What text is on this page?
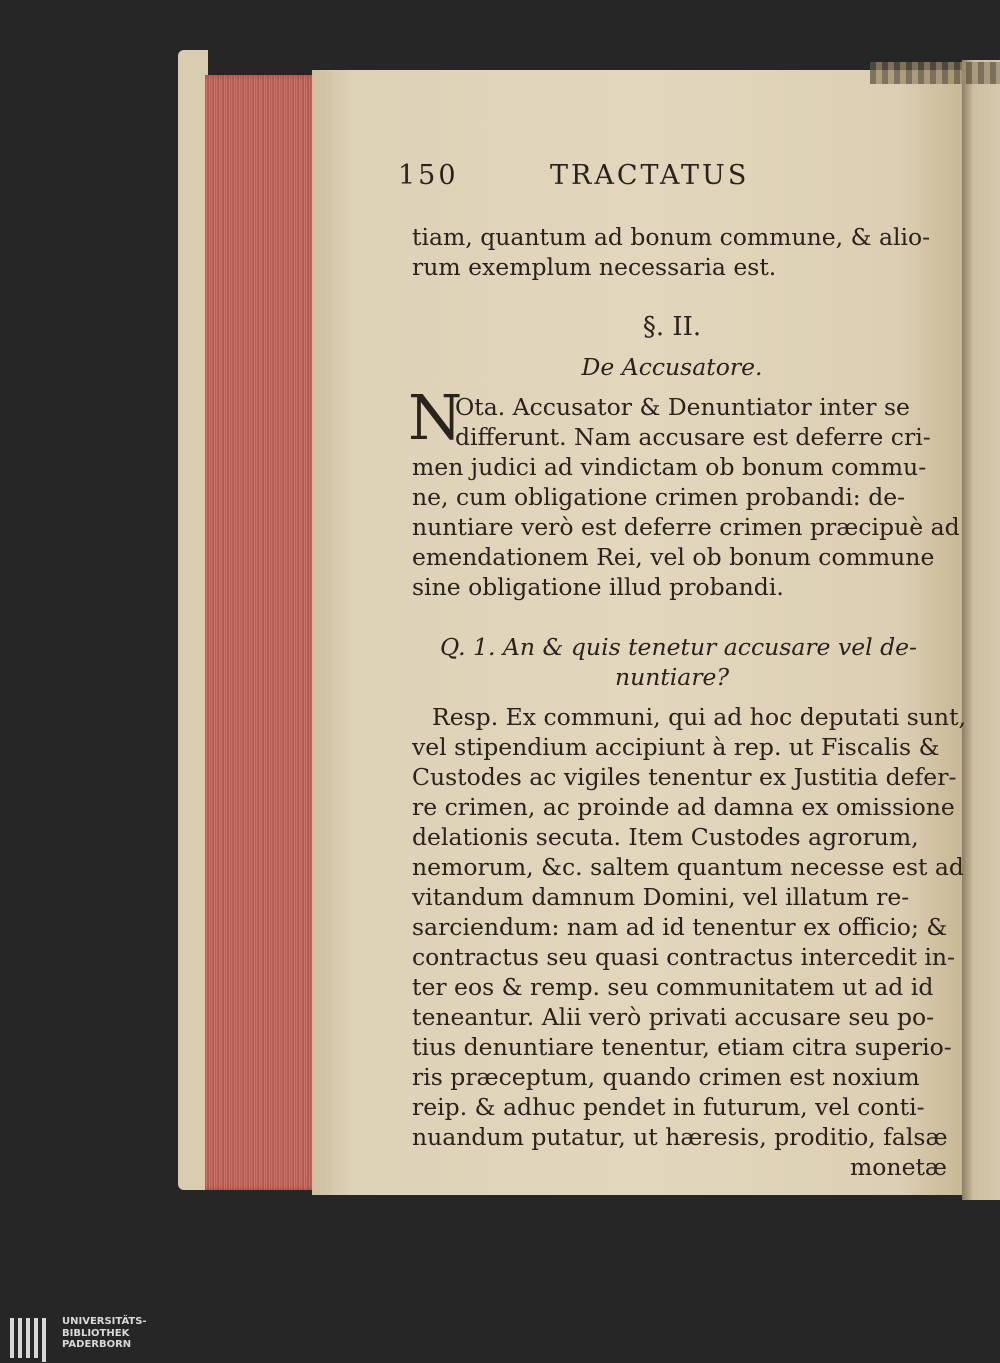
150	TRACTATUS
tiam, quantum ad bonum commune, & alio-
rum exemplum necessaria est.
§. II.
De Accusatore.
N
Ota. Accusator & Denuntiator inter se
differunt. Nam accusare est deferre cri-
men judici ad vindictam ob bonum commu-
ne, cum obligatione crimen probandi: de-
nuntiare verò est deferre crimen præcipuè ad
emendationem Rei, vel ob bonum commune
sine obligatione illud probandi.
Q. 1. An & quis tenetur accusare vel de-
nuntiare?
Resp. Ex communi, qui ad hoc deputati sunt,
vel stipendium accipiunt à rep. ut Fiscalis &
Custodes ac vigiles tenentur ex Justitia defer-
re crimen, ac proinde ad damna ex omissione
delationis secuta. Item Custodes agrorum,
nemorum, &c. saltem quantum necesse est ad
vitandum damnum Domini, vel illatum re-
sarciendum: nam ad id tenentur ex officio; &
contractus seu quasi contractus intercedit in-
ter eos & remp. seu communitatem ut ad id
teneantur. Alii verò privati accusare seu po-
tius denuntiare tenentur, etiam citra superio-
ris præceptum, quando crimen est noxium
reip. & adhuc pendet in futurum, vel conti-
nuandum putatur, ut hæresis, proditio, falsæ
monetæ
UNIVERSITÄTS-
BIBLIOTHEK
PADERBORN
